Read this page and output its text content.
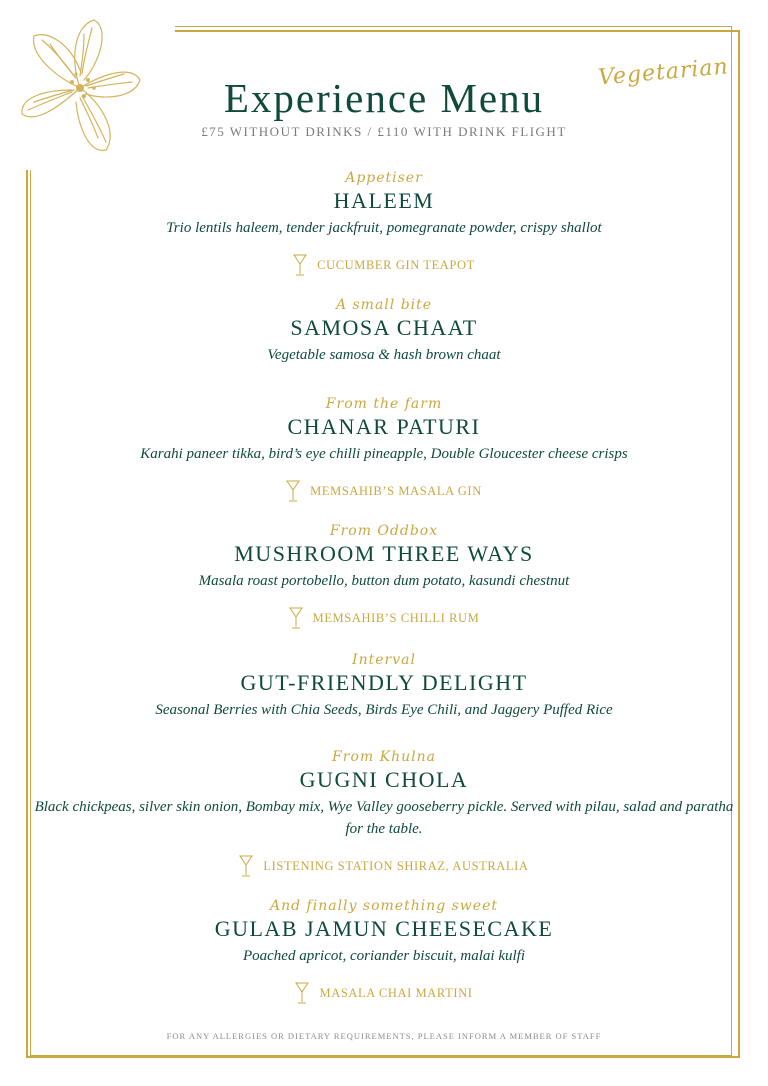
Vegetarian
Experience Menu
£75 WITHOUT DRINKS / £110 WITH DRINK FLIGHT
Appetiser
HALEEM
Trio lentils haleem, tender jackfruit, pomegranate powder, crispy shallot
CUCUMBER GIN TEAPOT
A small bite
SAMOSA CHAAT
Vegetable samosa & hash brown chaat
From the farm
CHANAR PATURI
Karahi paneer tikka, bird’s eye chilli pineapple, Double Gloucester cheese crisps
MEMSAHIB’S MASALA GIN
From Oddbox
MUSHROOM THREE WAYS
Masala roast portobello, button dum potato, kasundi chestnut
MEMSAHIB’S CHILLI RUM
Interval
GUT-FRIENDLY DELIGHT
Seasonal Berries with Chia Seeds, Birds Eye Chili, and Jaggery Puffed Rice
From Khulna
GUGNI CHOLA
Black chickpeas, silver skin onion, Bombay mix, Wye Valley gooseberry pickle. Served with pilau, salad and paratha for the table.
LISTENING STATION SHIRAZ, AUSTRALIA
And finally something sweet
GULAB JAMUN CHEESECAKE
Poached apricot, coriander biscuit, malai kulfi
MASALA CHAI MARTINI
FOR ANY ALLERGIES OR DIETARY REQUIREMENTS, PLEASE INFORM A MEMBER OF STAFF
